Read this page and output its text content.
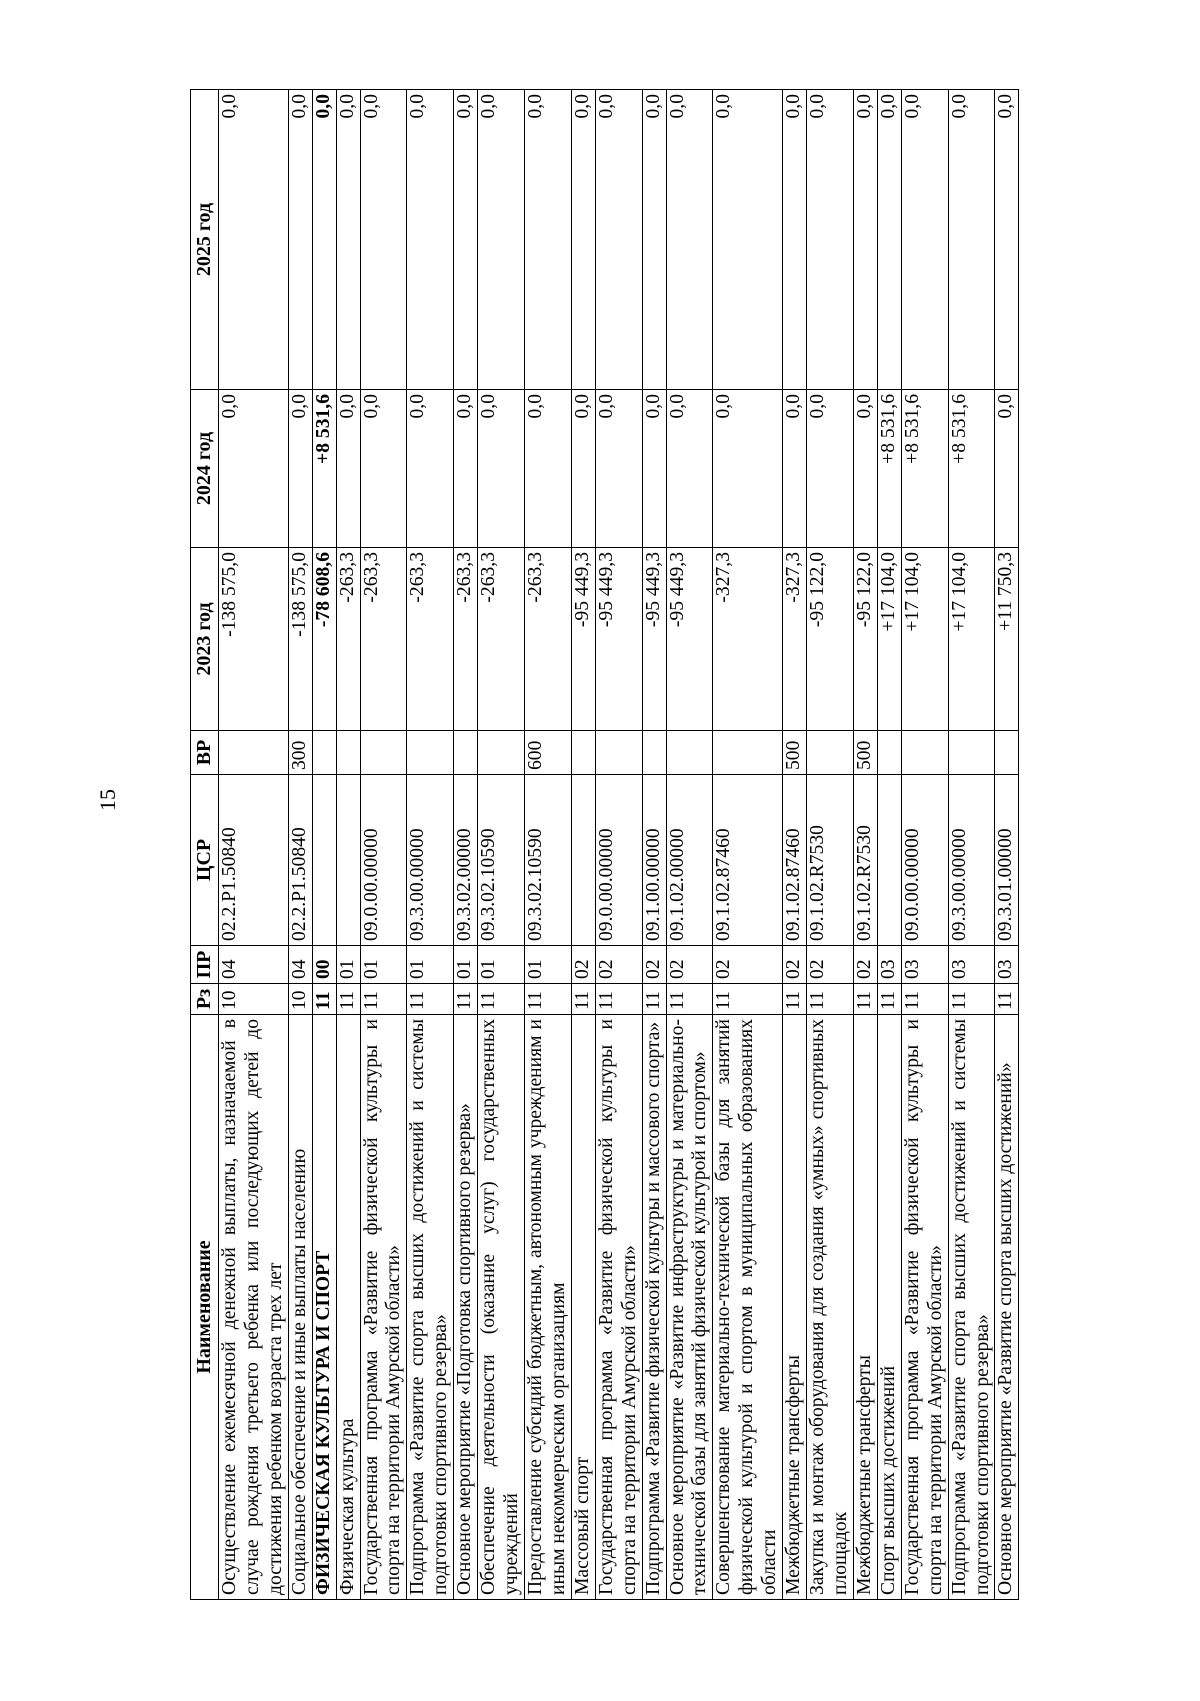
15
Наименование	Рз	ПР	ЦСР	ВР	2023 год	2024 год	2025 год
Осуществление ежемесячной денежной выплаты, назначаемой в случае рождения третьего ребенка или последующих детей до достижения ребенком возраста трех лет	10	04	02.2.P1.50840		-138 575,0	0,0	0,0
Социальное обеспечение и иные выплаты населению	10	04	02.2.P1.50840	300	-138 575,0	0,0	0,0
ФИЗИЧЕСКАЯ КУЛЬТУРА И СПОРТ	11	00			-78 608,6	+8 531,6	0,0
Физическая культура	11	01			-263,3	0,0	0,0
Государственная программа «Развитие физической культуры и спорта на территории Амурской области»	11	01	09.0.00.00000		-263,3	0,0	0,0
Подпрограмма «Развитие спорта высших достижений и системы подготовки спортивного резерва»	11	01	09.3.00.00000		-263,3	0,0	0,0
Основное мероприятие «Подготовка спортивного резерва»	11	01	09.3.02.00000		-263,3	0,0	0,0
Обеспечение деятельности (оказание услуг) государственных учреждений	11	01	09.3.02.10590		-263,3	0,0	0,0
Предоставление субсидий бюджетным, автономным учреждениям и иным некоммерческим организациям	11	01	09.3.02.10590	600	-263,3	0,0	0,0
Массовый спорт	11	02			-95 449,3	0,0	0,0
Государственная программа «Развитие физической культуры и спорта на территории Амурской области»	11	02	09.0.00.00000		-95 449,3	0,0	0,0
Подпрограмма «Развитие физической культуры и массового спорта»	11	02	09.1.00.00000		-95 449,3	0,0	0,0
Основное мероприятие «Развитие инфраструктуры и материально-технической базы для занятий физической культурой и спортом»	11	02	09.1.02.00000		-95 449,3	0,0	0,0
Совершенствование материально-технической базы для занятий физической культурой и спортом в муниципальных образованиях области	11	02	09.1.02.87460		-327,3	0,0	0,0
Межбюджетные трансферты	11	02	09.1.02.87460	500	-327,3	0,0	0,0
Закупка и монтаж оборудования для создания «умных» спортивных площадок	11	02	09.1.02.R7530		-95 122,0	0,0	0,0
Межбюджетные трансферты	11	02	09.1.02.R7530	500	-95 122,0	0,0	0,0
Спорт высших достижений	11	03			+17 104,0	+8 531,6	0,0
Государственная программа «Развитие физической культуры и спорта на территории Амурской области»	11	03	09.0.00.00000		+17 104,0	+8 531,6	0,0
Подпрограмма «Развитие спорта высших достижений и системы подготовки спортивного резерва»	11	03	09.3.00.00000		+17 104,0	+8 531,6	0,0
Основное мероприятие «Развитие спорта высших достижений»	11	03	09.3.01.00000		+11 750,3	0,0	0,0
